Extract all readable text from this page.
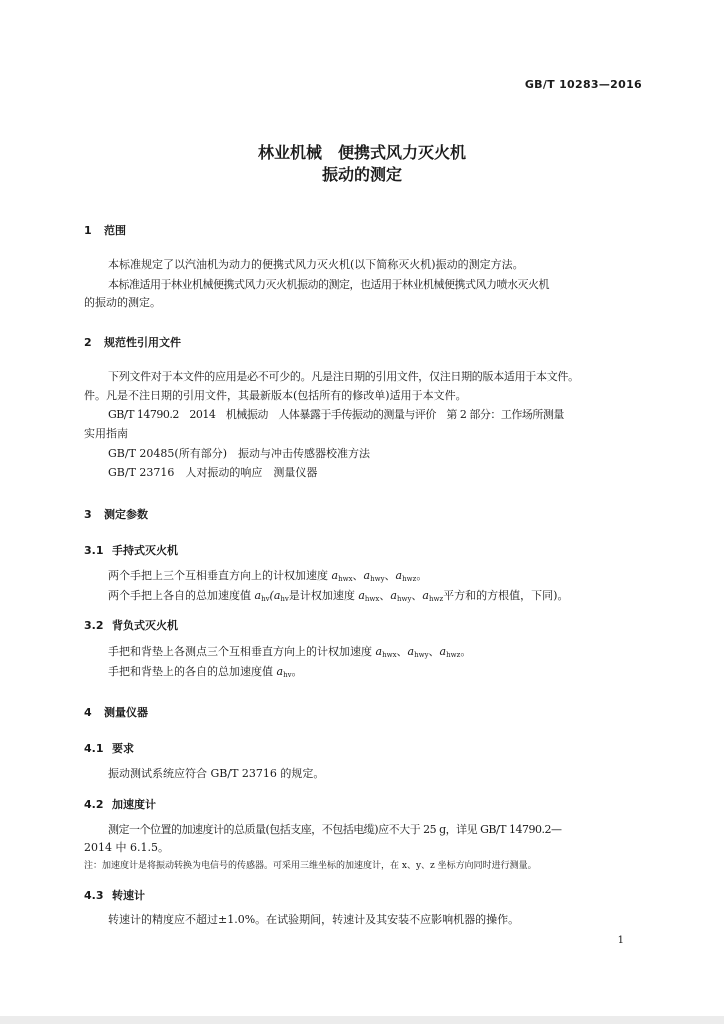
GB/T 10283—2016
林业机械　便携式风力灭火机
振动的测定
1 范围
本标准规定了以汽油机为动力的便携式风力灭火机(以下简称灭火机)振动的测定方法。
本标准适用于林业机械便携式风力灭火机振动的测定，也适用于林业机械便携式风力喷水灭火机
的振动的测定。
2 规范性引用文件
下列文件对于本文件的应用是必不可少的。凡是注日期的引用文件，仅注日期的版本适用于本文件。
件。凡是不注日期的引用文件，其最新版本(包括所有的修改单)适用于本文件。
GB/T 14790.2　2014　机械振动　人体暴露于手传振动的测量与评价　第 2 部分：工作场所测量
实用指南
GB/T 20485(所有部分)　振动与冲击传感器校准方法
GB/T 23716　人对振动的响应　测量仪器
3 测定参数
3.1 手持式灭火机
两个手把上三个互相垂直方向上的计权加速度 $a_{hwx}$、$a_{hwy}$、$a_{hwz}$。
两个手把上各自的总加速度值 $a_{hv}(a_{hv}$是计权加速度 $a_{hwx}$、$a_{hwy}$、$a_{hwz}$平方和的方根值，下同)。
3.2 背负式灭火机
手把和背垫上各测点三个互相垂直方向上的计权加速度 $a_{hwx}$、$a_{hwy}$、$a_{hwz}$。
手把和背垫上的各自的总加速度值 $a_{hv}$。
4 测量仪器
4.1 要求
振动测试系统应符合 GB/T 23716 的规定。
4.2 加速度计
测定一个位置的加速度计的总质量(包括支座，不包括电缆)应不大于 25 g，详见 GB/T 14790.2—
2014 中 6.1.5。
注：加速度计是将振动转换为电信号的传感器。可采用三维坐标的加速度计，在 x、y、z 坐标方向同时进行测量。
4.3 转速计
转速计的精度应不超过±1.0%。在试验期间，转速计及其安装不应影响机器的操作。
1
